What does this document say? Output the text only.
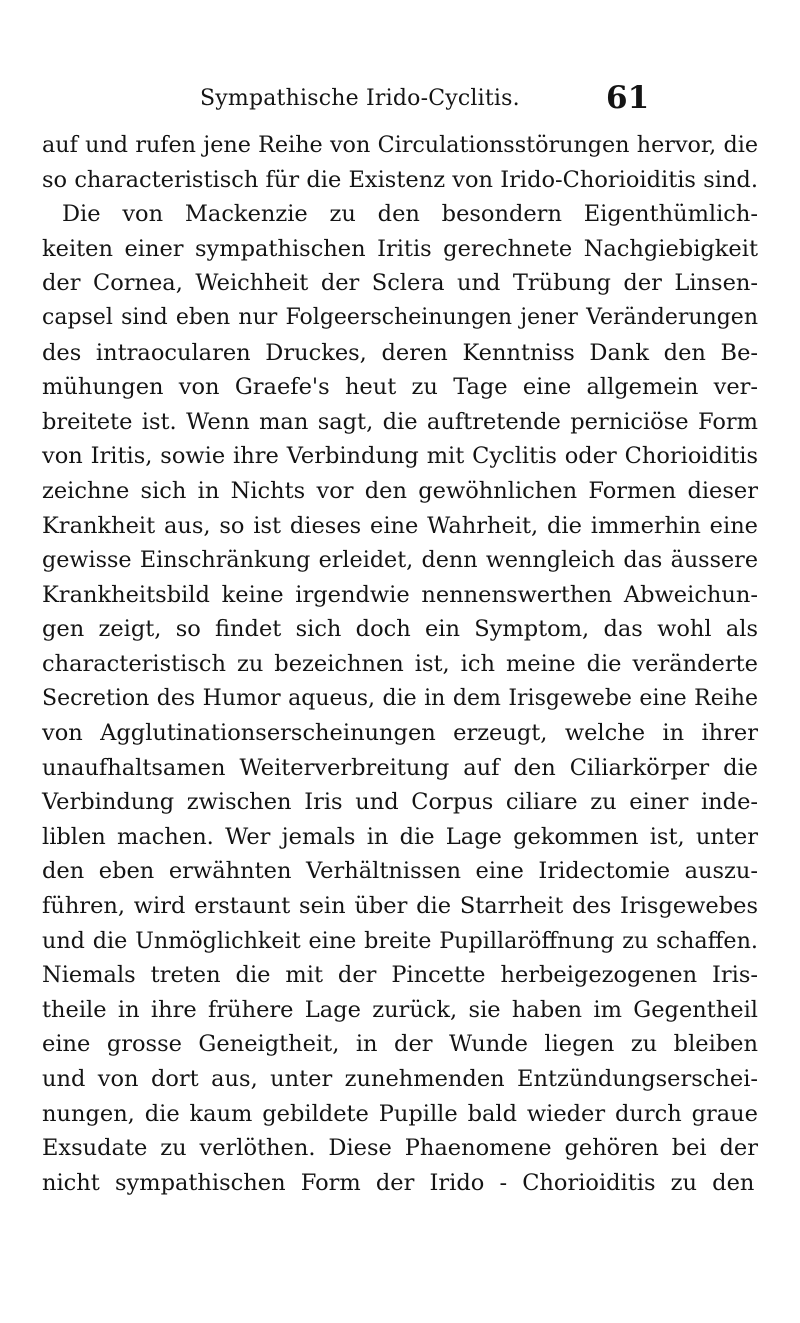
Sympathische Irido-Cyclitis.	61
auf und rufen jene Reihe von Circulationsstörungen hervor, die
so characteristisch für die Existenz von Irido-Chorioiditis sind.
Die von Mackenzie zu den besondern Eigenthümlich-
keiten einer sympathischen Iritis gerechnete Nachgiebigkeit
der Cornea, Weichheit der Sclera und Trübung der Linsen-
capsel sind eben nur Folgeerscheinungen jener Veränderungen
des intraocularen Druckes, deren Kenntniss Dank den Be-
mühungen von Graefe's heut zu Tage eine allgemein ver-
breitete ist. Wenn man sagt, die auftretende perniciöse Form
von Iritis, sowie ihre Verbindung mit Cyclitis oder Chorioiditis
zeichne sich in Nichts vor den gewöhnlichen Formen dieser
Krankheit aus, so ist dieses eine Wahrheit, die immerhin eine
gewisse Einschränkung erleidet, denn wenngleich das äussere
Krankheitsbild keine irgendwie nennenswerthen Abweichun-
gen zeigt, so findet sich doch ein Symptom, das wohl als
characteristisch zu bezeichnen ist, ich meine die veränderte
Secretion des Humor aqueus, die in dem Irisgewebe eine Reihe
von Agglutinationserscheinungen erzeugt, welche in ihrer
unaufhaltsamen Weiterverbreitung auf den Ciliarkörper die
Verbindung zwischen Iris und Corpus ciliare zu einer inde-
liblen machen. Wer jemals in die Lage gekommen ist, unter
den eben erwähnten Verhältnissen eine Iridectomie auszu-
führen, wird erstaunt sein über die Starrheit des Irisgewebes
und die Unmöglichkeit eine breite Pupillaröffnung zu schaffen.
Niemals treten die mit der Pincette herbeigezogenen Iris-
theile in ihre frühere Lage zurück, sie haben im Gegentheil
eine grosse Geneigtheit, in der Wunde liegen zu bleiben
und von dort aus, unter zunehmenden Entzündungserschei-
nungen, die kaum gebildete Pupille bald wieder durch graue
Exsudate zu verlöthen. Diese Phaenomene gehören bei der
nicht sympathischen Form der Irido - Chorioiditis zu den
